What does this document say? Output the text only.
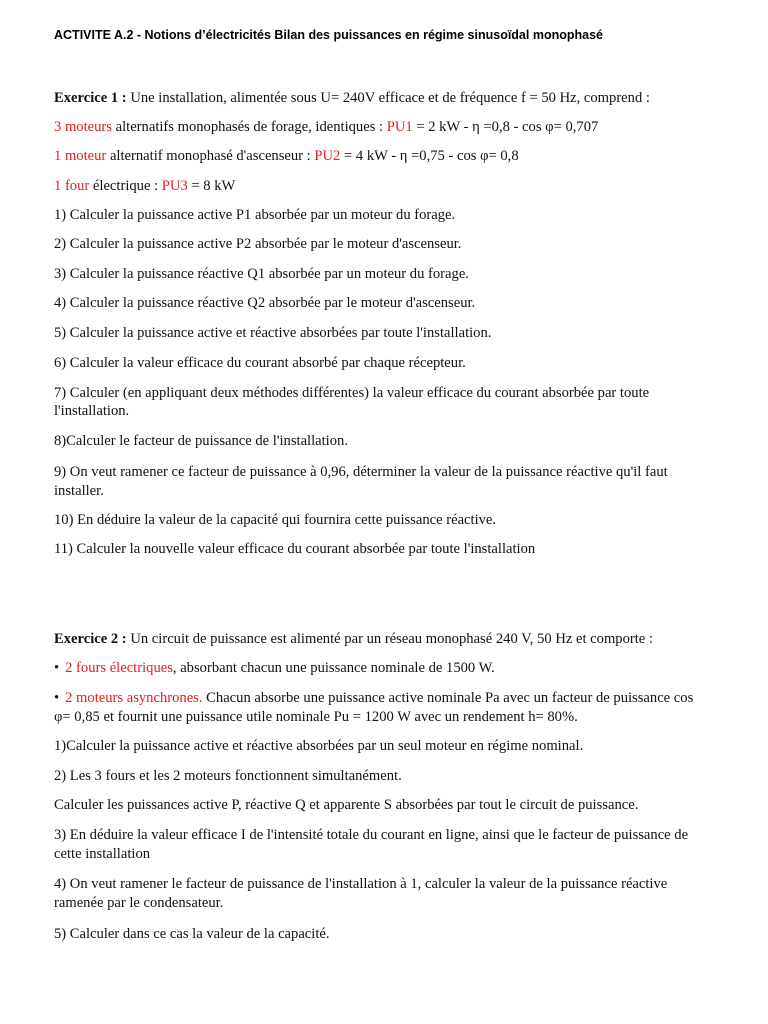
ACTIVITE A.2 - Notions d’électricités Bilan des puissances en régime sinusoïdal monophasé
Exercice 1 : Une installation, alimentée sous U= 240V efficace et de fréquence f = 50 Hz, comprend :
3 moteurs alternatifs monophasés de forage, identiques : PU1 = 2 kW - η =0,8 - cos φ= 0,707
1 moteur alternatif monophasé d'ascenseur : PU2 = 4 kW - η =0,75 - cos φ= 0,8
1 four électrique : PU3 = 8 kW
1) Calculer la puissance active P1 absorbée par un moteur du forage.
2) Calculer la puissance active P2 absorbée par le moteur d'ascenseur.
3) Calculer la puissance réactive Q1 absorbée par un moteur du forage.
4) Calculer la puissance réactive Q2 absorbée par le moteur d'ascenseur.
5) Calculer la puissance active et réactive absorbées par toute l'installation.
6) Calculer la valeur efficace du courant absorbé par chaque récepteur.
7) Calculer (en appliquant deux méthodes différentes) la valeur efficace du courant absorbée par toute
l'installation.
8)Calculer le facteur de puissance de l'installation.
9) On veut ramener ce facteur de puissance à 0,96, déterminer la valeur de la puissance réactive qu'il faut
installer.
10) En déduire la valeur de la capacité qui fournira cette puissance réactive.
11) Calculer la nouvelle valeur efficace du courant absorbée par toute l'installation
Exercice 2 : Un circuit de puissance est alimenté par un réseau monophasé 240 V, 50 Hz et comporte :
• 2 fours électriques, absorbant chacun une puissance nominale de 1500 W.
• 2 moteurs asynchrones. Chacun absorbe une puissance active nominale Pa avec un facteur de puissance cos
φ= 0,85 et fournit une puissance utile nominale Pu = 1200 W avec un rendement h= 80%.
1)Calculer la puissance active et réactive absorbées par un seul moteur en régime nominal.
2) Les 3 fours et les 2 moteurs fonctionnent simultanément.
Calculer les puissances active P, réactive Q et apparente S absorbées par tout le circuit de puissance.
3) En déduire la valeur efficace I de l'intensité totale du courant en ligne, ainsi que le facteur de puissance de
cette installation
4) On veut ramener le facteur de puissance de l'installation à 1, calculer la valeur de la puissance réactive
ramenée par le condensateur.
5) Calculer dans ce cas la valeur de la capacité.
